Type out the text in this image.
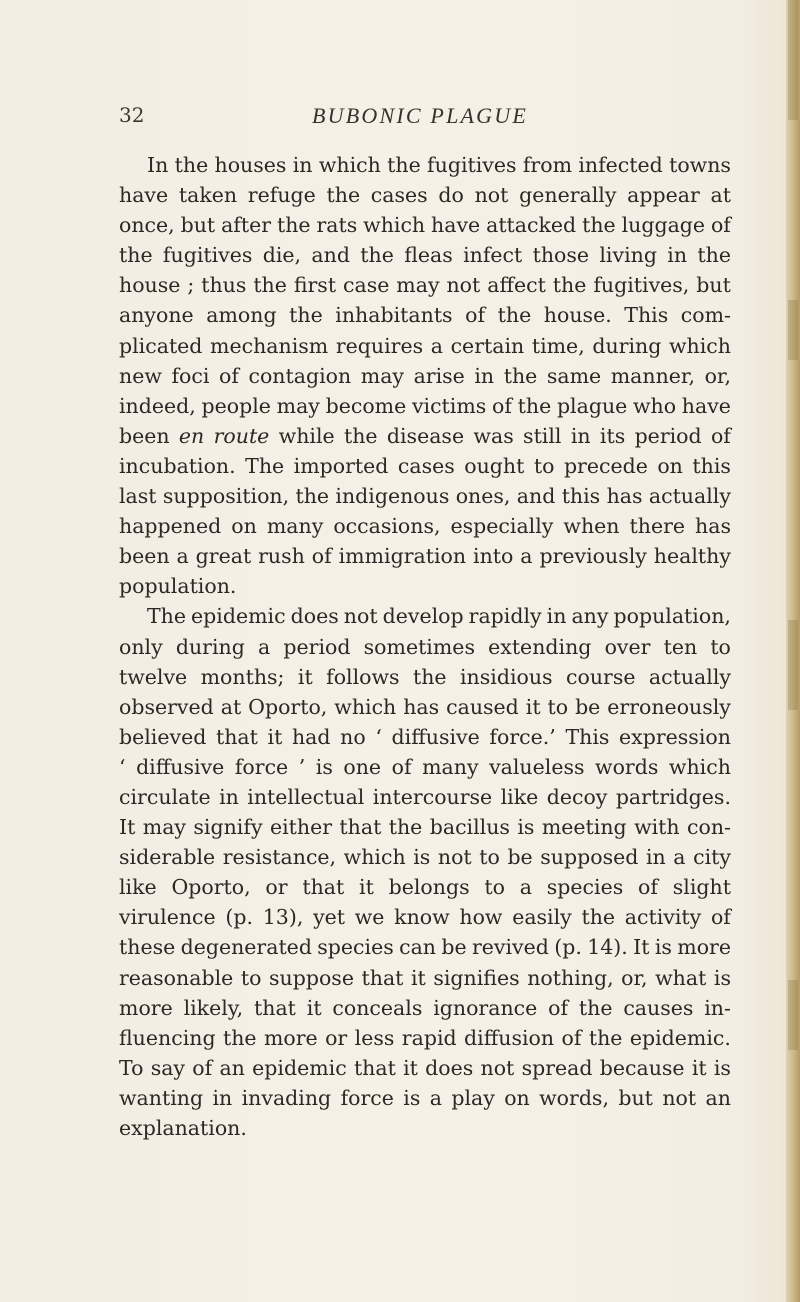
32	BUBONIC PLAGUE
In the houses in which the fugitives from infected towns
have taken refuge the cases do not generally appear at
once, but after the rats which have attacked the luggage of
the fugitives die, and the fleas infect those living in the
house ; thus the first case may not affect the fugitives, but
anyone among the inhabitants of the house. This com-
plicated mechanism requires a certain time, during which
new foci of contagion may arise in the same manner, or,
indeed, people may become victims of the plague who have
been en route while the disease was still in its period of
incubation. The imported cases ought to precede on this
last supposition, the indigenous ones, and this has actually
happened on many occasions, especially when there has
been a great rush of immigration into a previously healthy
population.
The epidemic does not develop rapidly in any population,
only during a period sometimes extending over ten to
twelve months; it follows the insidious course actually
observed at Oporto, which has caused it to be erroneously
believed that it had no ‘ diffusive force.’ This expression
‘ diffusive force ’ is one of many valueless words which
circulate in intellectual intercourse like decoy partridges.
It may signify either that the bacillus is meeting with con-
siderable resistance, which is not to be supposed in a city
like Oporto, or that it belongs to a species of slight
virulence (p. 13), yet we know how easily the activity of
these degenerated species can be revived (p. 14). It is more
reasonable to suppose that it signifies nothing, or, what is
more likely, that it conceals ignorance of the causes in-
fluencing the more or less rapid diffusion of the epidemic.
To say of an epidemic that it does not spread because it is
wanting in invading force is a play on words, but not an
explanation.
